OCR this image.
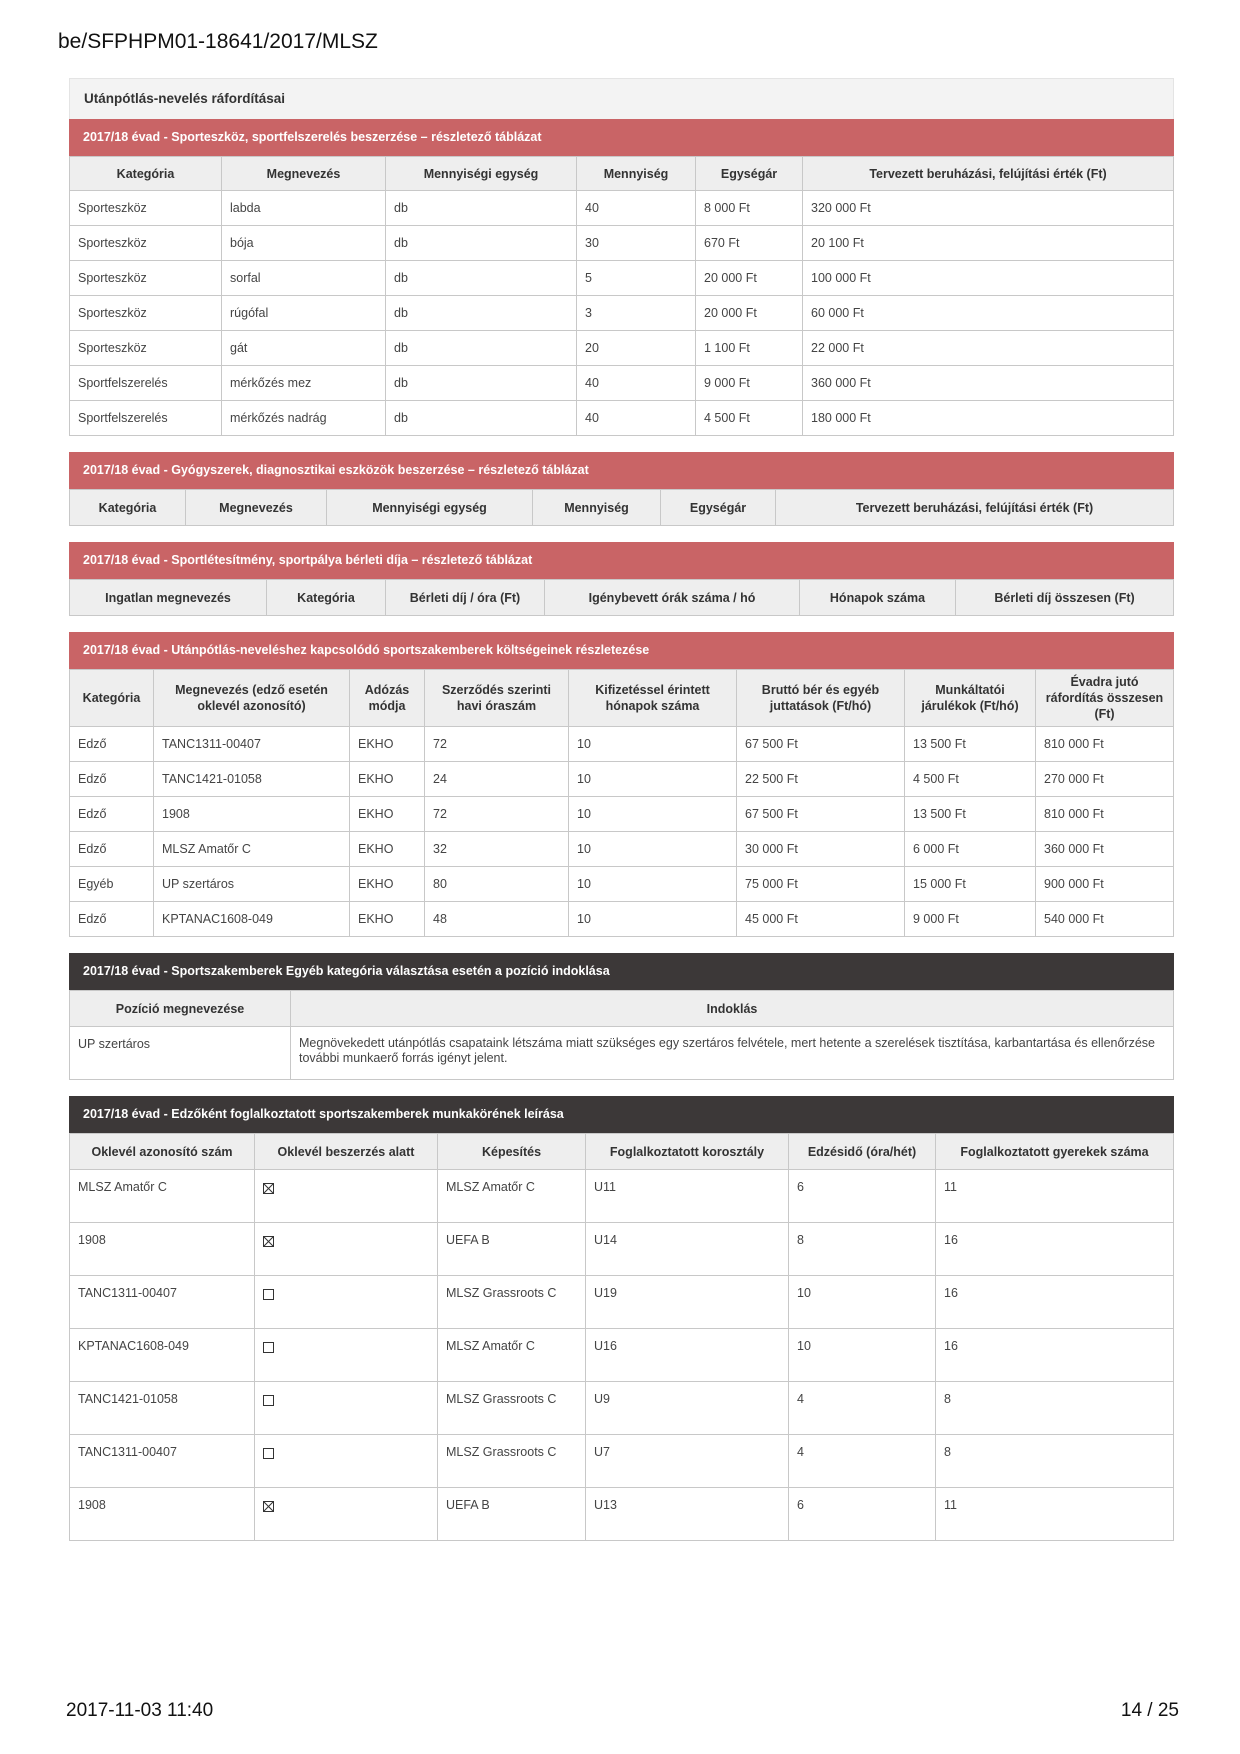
be/SFPHPM01-18641/2017/MLSZ
Utánpótlás-nevelés ráfordításai
2017/18 évad - Sporteszköz, sportfelszerelés beszerzése – részletező táblázat
Kategória	Megnevezés	Mennyiségi egység	Mennyiség	Egységár	Tervezett beruházási, felújítási érték (Ft)
Sporteszköz	labda	db	40	8 000 Ft	320 000 Ft
Sporteszköz	bója	db	30	670 Ft	20 100 Ft
Sporteszköz	sorfal	db	5	20 000 Ft	100 000 Ft
Sporteszköz	rúgófal	db	3	20 000 Ft	60 000 Ft
Sporteszköz	gát	db	20	1 100 Ft	22 000 Ft
Sportfelszerelés	mérkőzés mez	db	40	9 000 Ft	360 000 Ft
Sportfelszerelés	mérkőzés nadrág	db	40	4 500 Ft	180 000 Ft
2017/18 évad - Gyógyszerek, diagnosztikai eszközök beszerzése – részletező táblázat
Kategória	Megnevezés	Mennyiségi egység	Mennyiség	Egységár	Tervezett beruházási, felújítási érték (Ft)
2017/18 évad - Sportlétesítmény, sportpálya bérleti díja – részletező táblázat
Ingatlan megnevezés	Kategória	Bérleti díj / óra (Ft)	Igénybevett órák száma / hó	Hónapok száma	Bérleti díj összesen (Ft)
2017/18 évad - Utánpótlás-neveléshez kapcsolódó sportszakemberek költségeinek részletezése
Kategória	Megnevezés (edző esetén oklevél azonosító)	Adózás módja	Szerződés szerinti havi óraszám	Kifizetéssel érintett hónapok száma	Bruttó bér és egyéb juttatások (Ft/hó)	Munkáltatói járulékok (Ft/hó)	Évadra jutó ráfordítás összesen (Ft)
Edző	TANC1311-00407	EKHO	72	10	67 500 Ft	13 500 Ft	810 000 Ft
Edző	TANC1421-01058	EKHO	24	10	22 500 Ft	4 500 Ft	270 000 Ft
Edző	1908	EKHO	72	10	67 500 Ft	13 500 Ft	810 000 Ft
Edző	MLSZ Amatőr C	EKHO	32	10	30 000 Ft	6 000 Ft	360 000 Ft
Egyéb	UP szertáros	EKHO	80	10	75 000 Ft	15 000 Ft	900 000 Ft
Edző	KPTANAC1608-049	EKHO	48	10	45 000 Ft	9 000 Ft	540 000 Ft
2017/18 évad - Sportszakemberek Egyéb kategória választása esetén a pozíció indoklása
Pozíció megnevezése	Indoklás
UP szertáros	Megnövekedett utánpótlás csapataink létszáma miatt szükséges egy szertáros felvétele, mert hetente a szerelések tisztítása, karbantartása és ellenőrzése további munkaerő forrás igényt jelent.
2017/18 évad - Edzőként foglalkoztatott sportszakemberek munkakörének leírása
Oklevél azonosító szám	Oklevél beszerzés alatt	Képesítés	Foglalkoztatott korosztály	Edzésidő (óra/hét)	Foglalkoztatott gyerekek száma
MLSZ Amatőr C		MLSZ Amatőr C	U11	6	11
1908		UEFA B	U14	8	16
TANC1311-00407		MLSZ Grassroots C	U19	10	16
KPTANAC1608-049		MLSZ Amatőr C	U16	10	16
TANC1421-01058		MLSZ Grassroots C	U9	4	8
TANC1311-00407		MLSZ Grassroots C	U7	4	8
1908		UEFA B	U13	6	11
2017-11-03 11:40	14 / 25
